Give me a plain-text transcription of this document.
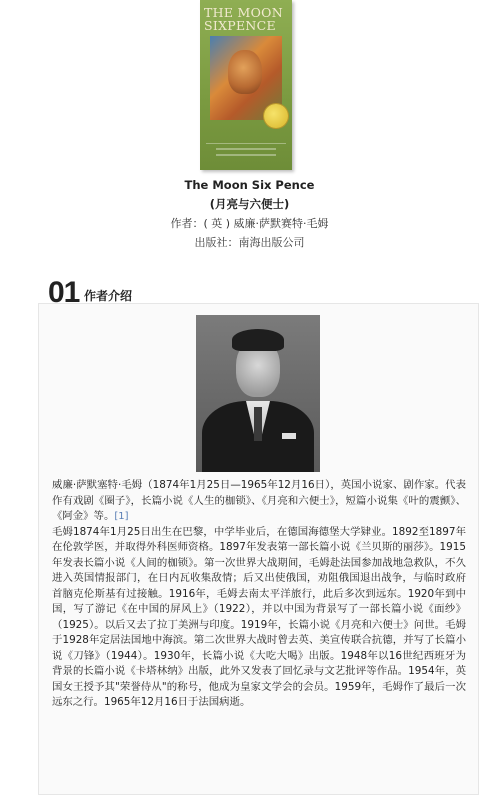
THE MOON
SIXPENCE
The Moon Six Pence
(月亮与六便士)
作者：( 英 ) 威廉·萨默赛特·毛姆
出版社：南海出版公司
01 作者介绍

威廉·萨默塞特·毛姆（1874年1月25日—1965年12月16日），英国小说家、剧作家。代表作有戏剧《圈子》，长篇小说《人生的枷锁》、《月亮和六便士》，短篇小说集《叶的震颤》、《阿金》等。[1]

毛姆1874年1月25日出生在巴黎，中学毕业后，在德国海德堡大学肄业。1892至1897年在伦敦学医，并取得外科医师资格。1897年发表第一部长篇小说《兰贝斯的丽莎》。1915年发表长篇小说《人间的枷锁》。第一次世界大战期间，毛姆赴法国参加战地急救队，不久进入英国情报部门，在日内瓦收集敌情；后又出使俄国，劝阻俄国退出战争，与临时政府首脑克伦斯基有过接触。1916年，毛姆去南太平洋旅行，此后多次到远东。1920年到中国，写了游记《在中国的屏风上》（1922），并以中国为背景写了一部长篇小说《面纱》（1925）。以后又去了拉丁美洲与印度。1919年，长篇小说《月亮和六便士》问世。毛姆于1928年定居法国地中海滨。第二次世界大战时曾去英、美宣传联合抗德，并写了长篇小说《刀锋》（1944）。1930年，长篇小说《大吃大喝》出版。1948年以16世纪西班牙为背景的长篇小说《卡塔林纳》出版，此外又发表了回忆录与文艺批评等作品。1954年，英国女王授予其"荣誉侍从"的称号，他成为皇家文学会的会员。1959年，毛姆作了最后一次远东之行。1965年12月16日于法国病逝。
